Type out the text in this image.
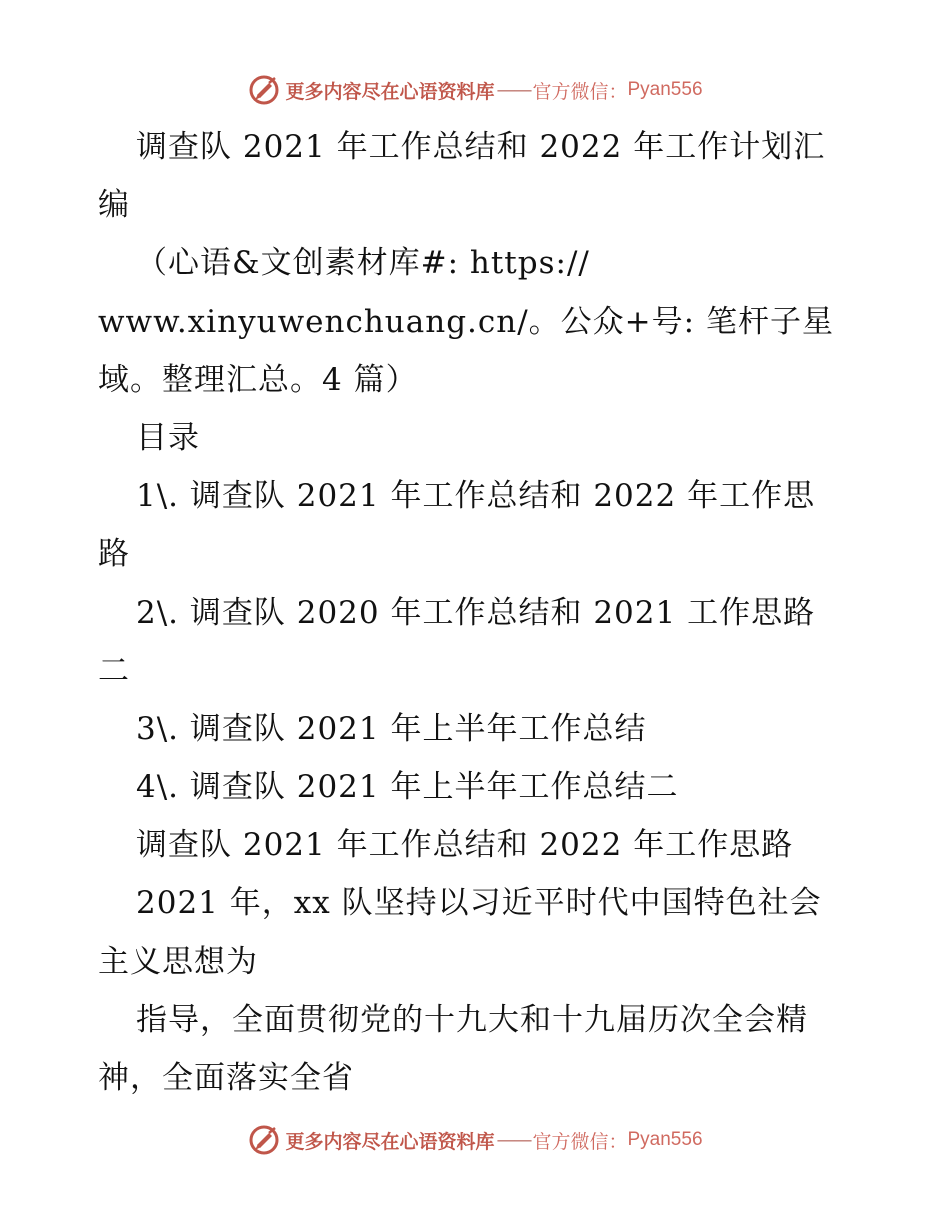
更多内容尽在心语资料库 —— 官方微信： Pyan556
调查队 2021 年工作总结和 2022 年工作计划汇
编
（心语&文创素材库#: https://
www.xinyuwenchuang.cn/。公众+号: 笔杆子星
域。整理汇总。4 篇）
目录
1\. 调查队 2021 年工作总结和 2022 年工作思
路
2\. 调查队 2020 年工作总结和 2021 工作思路
二
3\. 调查队 2021 年上半年工作总结
4\. 调查队 2021 年上半年工作总结二
调查队 2021 年工作总结和 2022 年工作思路
2021 年，xx 队坚持以习近平时代中国特色社会
主义思想为
指导，全面贯彻党的十九大和十九届历次全会精
神，全面落实全省
更多内容尽在心语资料库 —— 官方微信： Pyan556
